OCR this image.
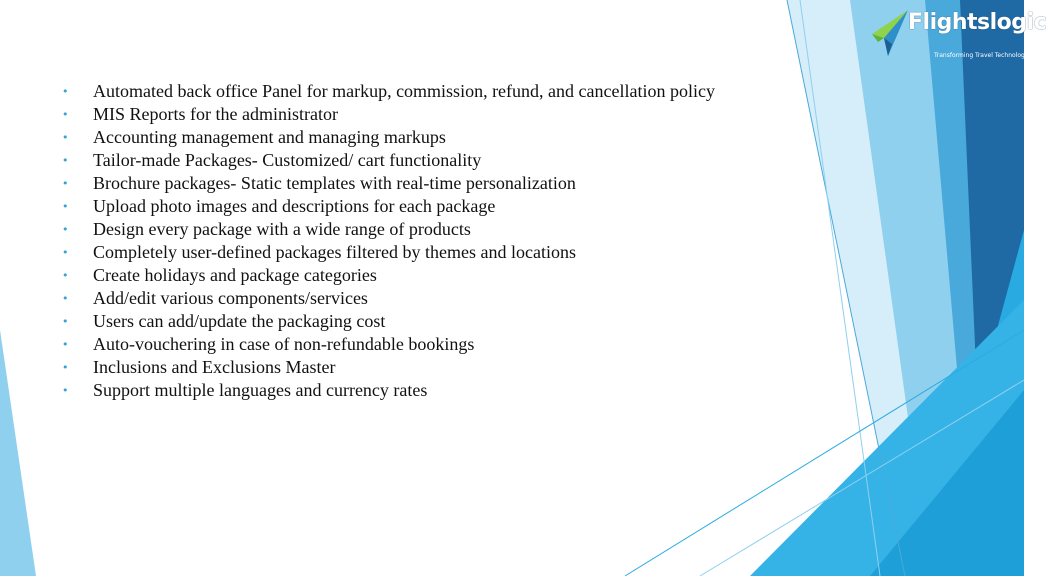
Flightslogic
Transforming Travel Technology
• Automated back office Panel for markup, commission, refund, and cancellation policy
• MIS Reports for the administrator
• Accounting management and managing markups
• Tailor-made Packages- Customized/ cart functionality
• Brochure packages- Static templates with real-time personalization
• Upload photo images and descriptions for each package
• Design every package with a wide range of products
• Completely user-defined packages filtered by themes and locations
• Create holidays and package categories
• Add/edit various components/services
• Users can add/update the packaging cost
• Auto-vouchering in case of non-refundable bookings
• Inclusions and Exclusions Master
• Support multiple languages and currency rates
